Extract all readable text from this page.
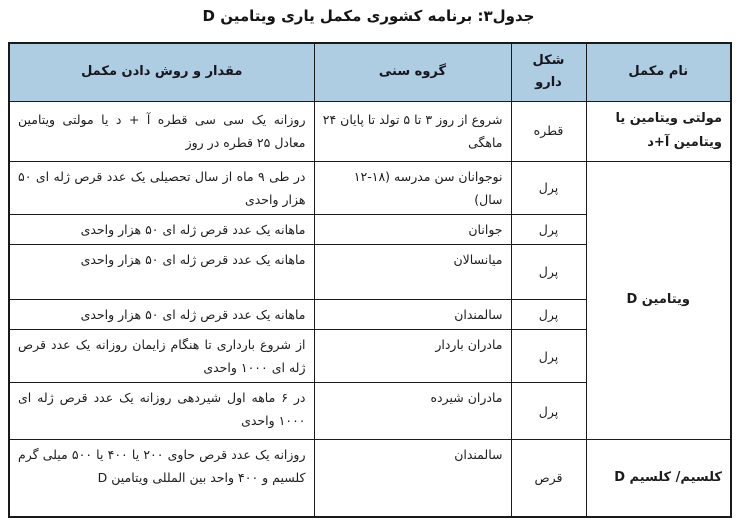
جدول۳: برنامه کشوری مکمل یاری ویتامین D
نام مکمل	شکل دارو	گروه سنی	مقدار و روش دادن مکمل
مولتی ویتامین یا ویتامین آ+د	قطره	شروع از روز ۳ تا ۵ تولد تا پایان ۲۴ ماهگی	روزانه یک سی سی قطره آ + د یا مولتی ویتامین معادل ۲۵ قطره در روز
ویتامین D	پرل	نوجوانان سن مدرسه (۱۸-۱۲ سال)	در طی ۹ ماه از سال تحصیلی یک عدد قرص ژله ای ۵۰ هزار واحدی
	پرل	جوانان	ماهانه یک عدد قرص ژله ای ۵۰ هزار واحدی
	پرل	میانسالان	ماهانه یک عدد قرص ژله ای ۵۰ هزار واحدی
	پرل	سالمندان	ماهانه یک عدد قرص ژله ای ۵۰ هزار واحدی
	پرل	مادران باردار	از شروع بارداری تا هنگام زایمان روزانه یک عدد قرص ژله ای ۱۰۰۰ واحدی
	پرل	مادران شیرده	در ۶ ماهه اول شیردهی روزانه یک عدد قرص ژله ای ۱۰۰۰ واحدی
کلسیم/ کلسیم D	قرص	سالمندان	روزانه یک عدد قرص حاوی ۲۰۰ یا ۴۰۰ یا ۵۰۰ میلی گرم کلسیم و ۴۰۰ واحد بین المللی ویتامین D
